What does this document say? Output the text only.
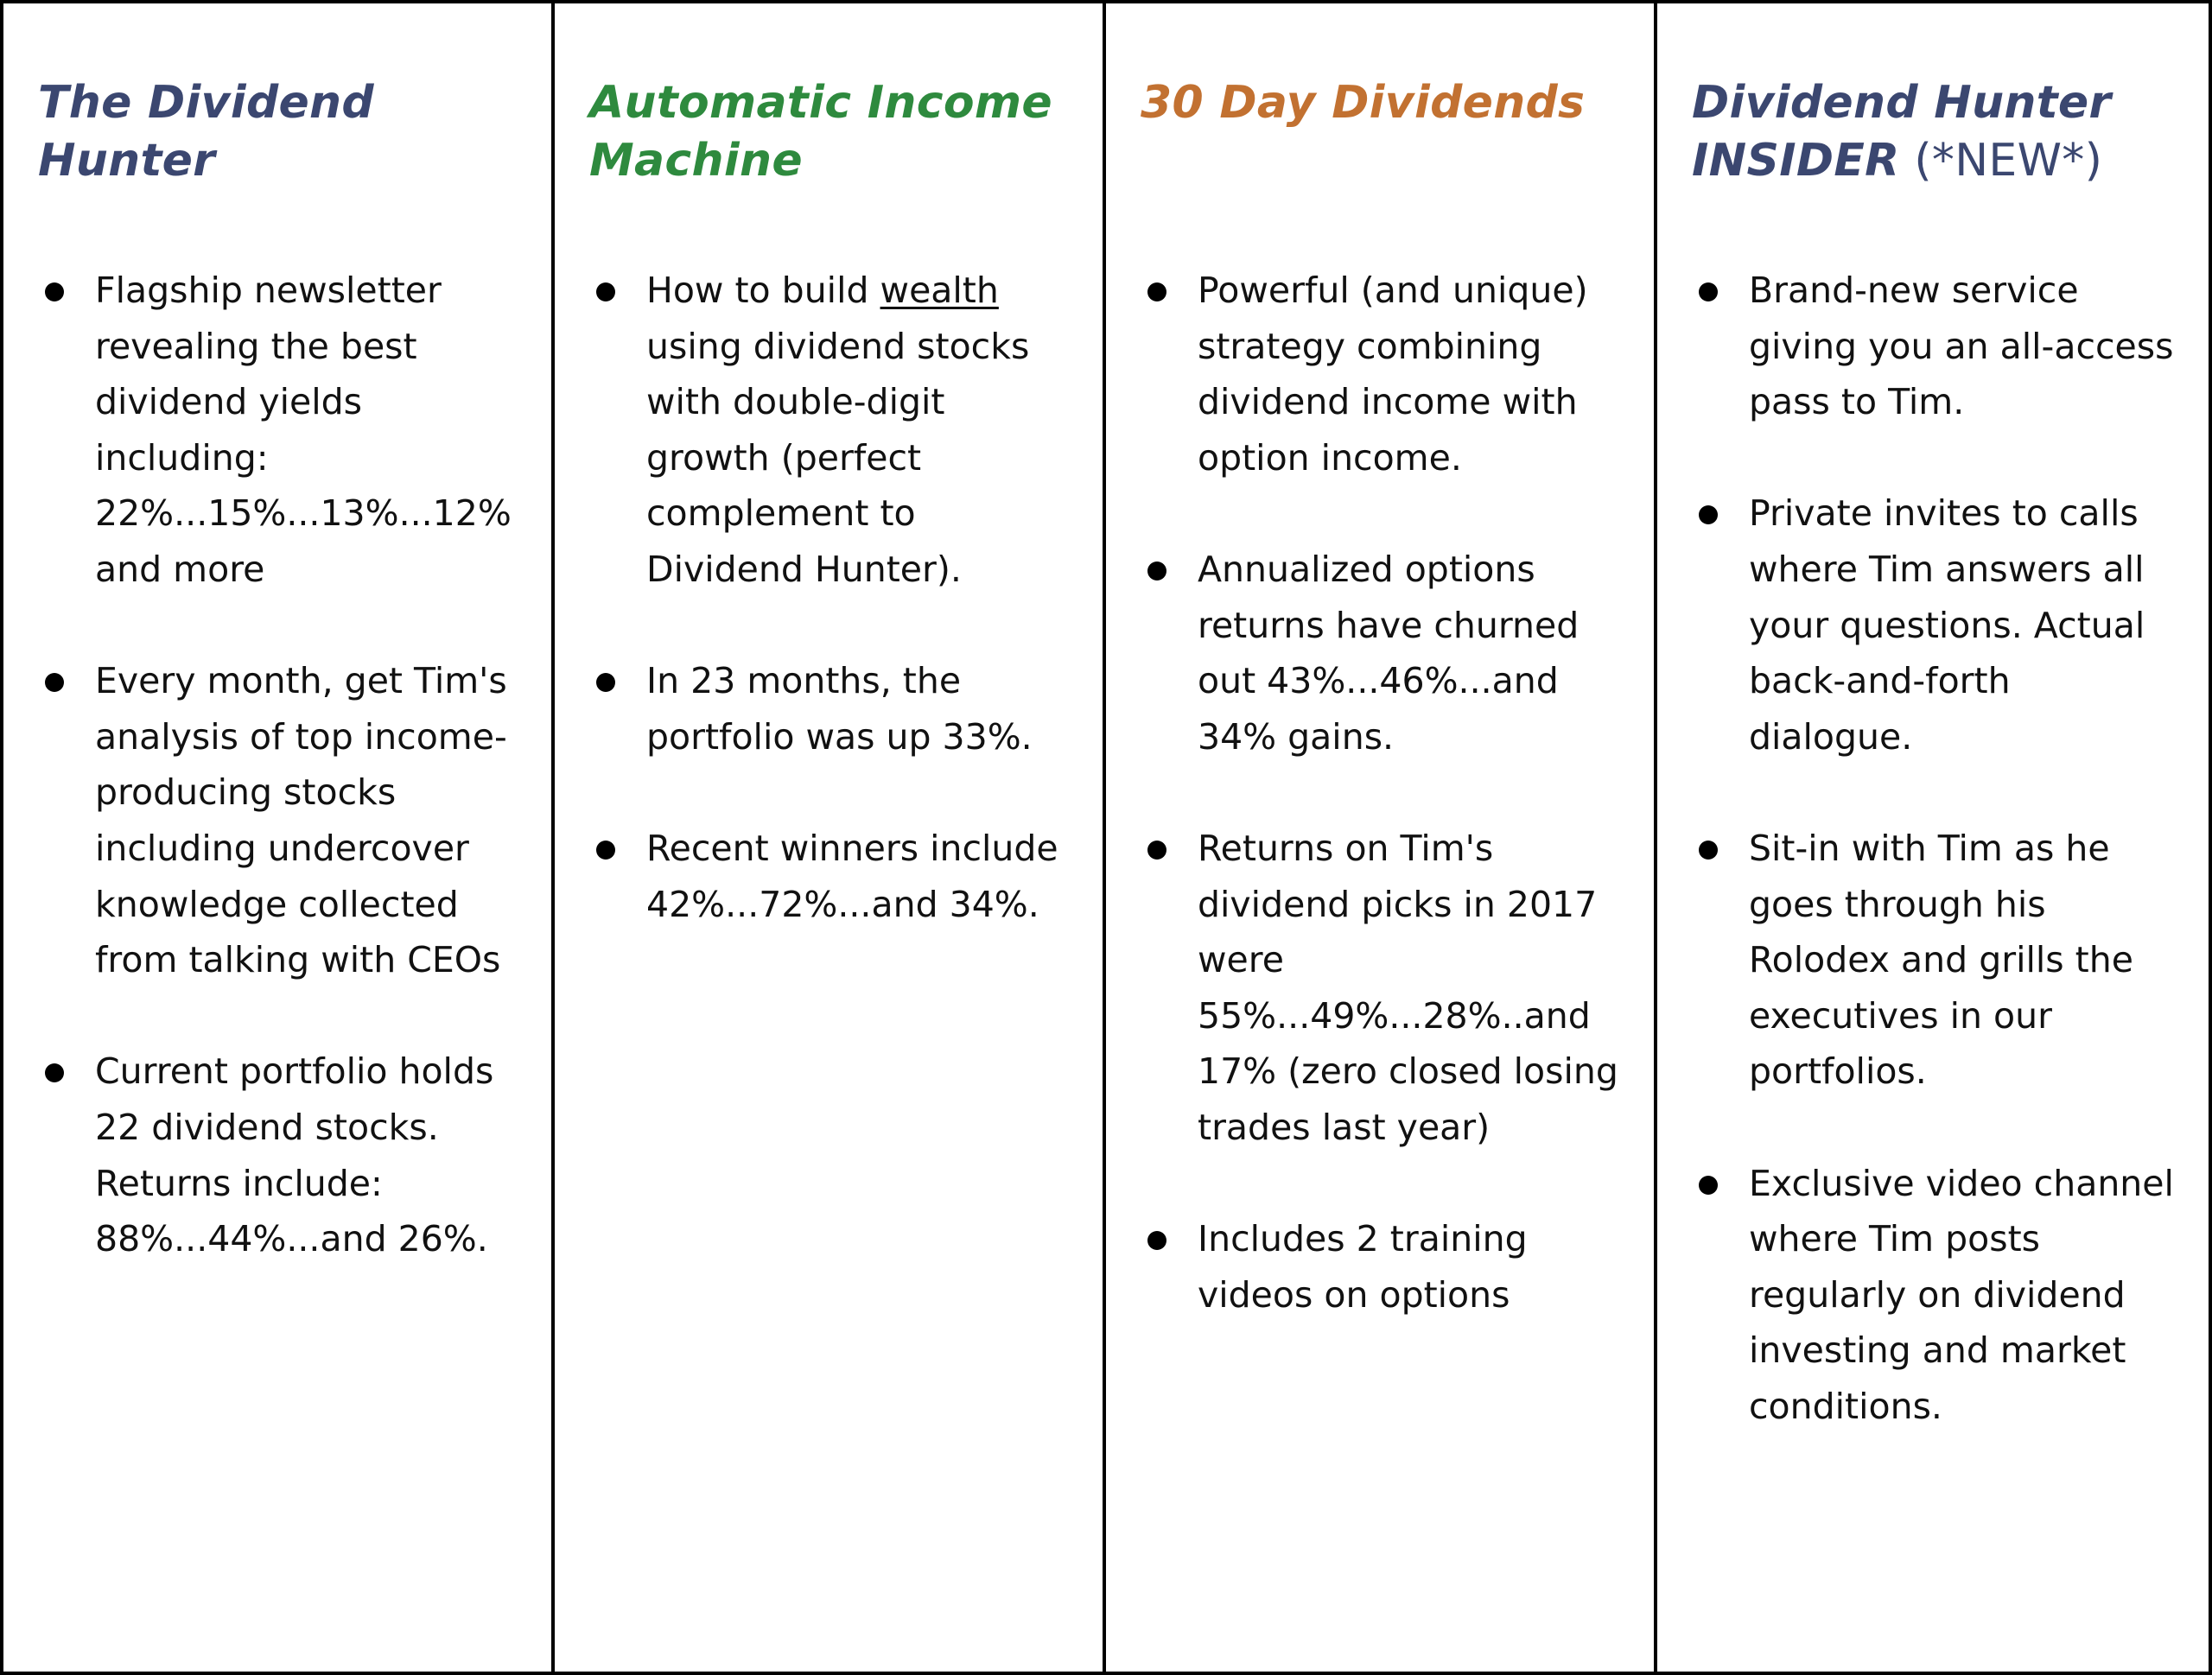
The Dividend
Hunter
Flagship newsletter revealing the best dividend yields including: 22%...15%...13%...12% and more
Every month, get Tim's analysis of top income-producing stocks including undercover knowledge collected from talking with CEOs
Current portfolio holds 22 dividend stocks. Returns include: 88%...44%...and 26%.
Automatic Income
Machine
How to build wealth using dividend stocks with double-digit growth (perfect complement to Dividend Hunter).
In 23 months, the portfolio was up 33%.
Recent winners include 42%...72%...and 34%.
30 Day Dividends
Powerful (and unique) strategy combining dividend income with option income.
Annualized options returns have churned out 43%...46%...and 34% gains.
Returns on Tim's dividend picks in 2017 were 55%...49%...28%..and 17% (zero closed losing trades last year)
Includes 2 training videos on options
Dividend Hunter
INSIDER (*NEW*)
Brand-new service giving you an all-access pass to Tim.
Private invites to calls where Tim answers all your questions. Actual back-and-forth dialogue.
Sit-in with Tim as he goes through his Rolodex and grills the executives in our portfolios.
Exclusive video channel where Tim posts regularly on dividend investing and market conditions.
